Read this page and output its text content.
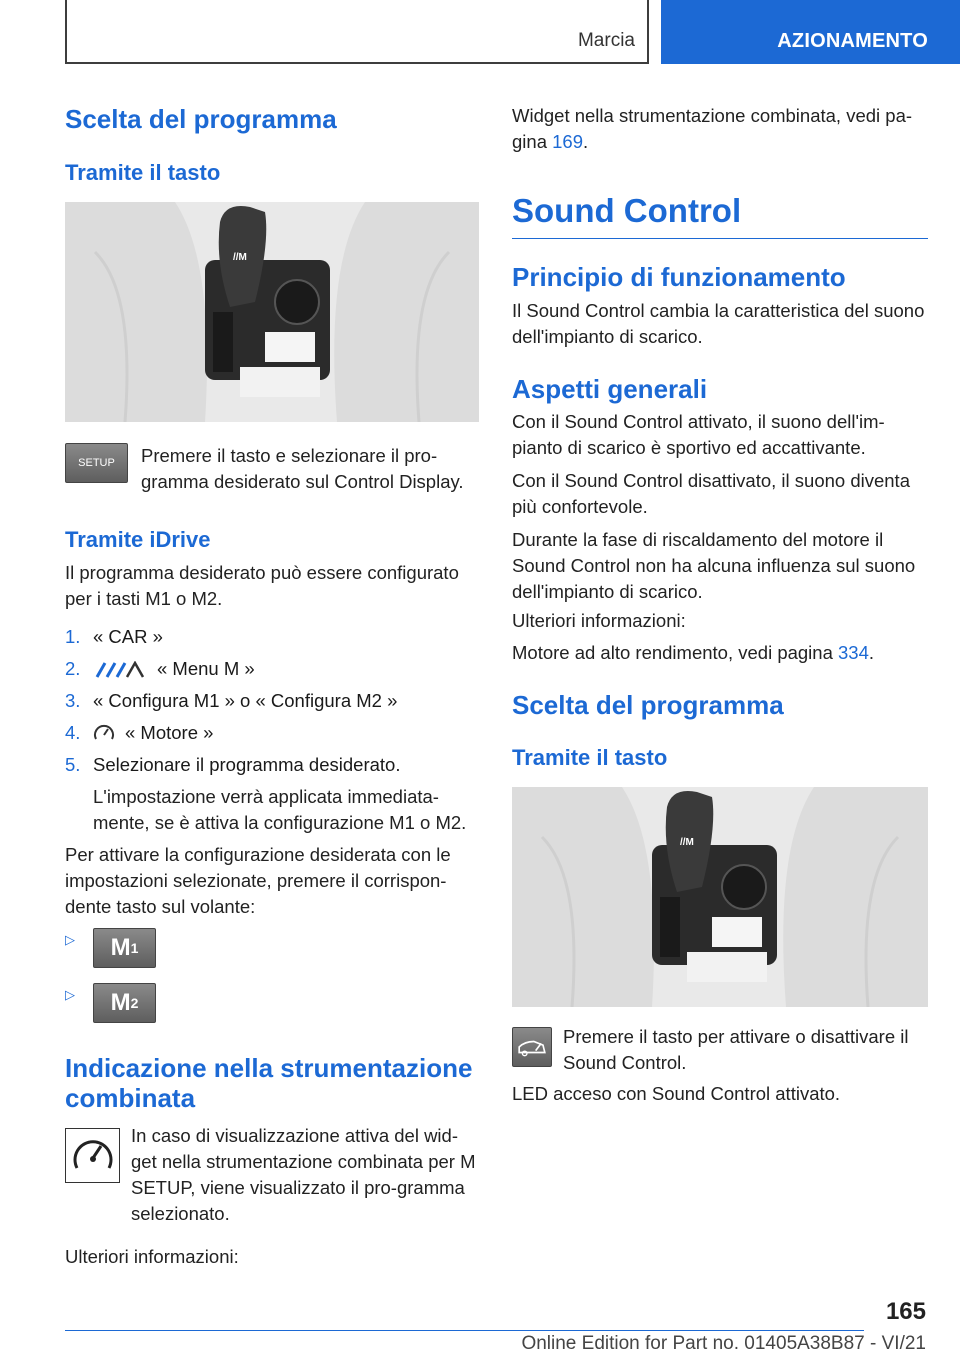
Marcia	AZIONAMENTO
Scelta del programma
Tramite il tasto
//M
SETUP	Premere il tasto e selezionare il pro-gramma desiderato sul Control Display.
Tramite iDrive
Il programma desiderato può essere configurato per i tasti M1 o M2.
1. « CAR »
2.	« Menu M »
3. « Configura M1 » o « Configura M2 »
4. « Motore »
5. Selezionare il programma desiderato.
L'impostazione verrà applicata immediata-mente, se è attiva la configurazione M1 o M2.
Per attivare la configurazione desiderata con le impostazioni selezionate, premere il corrispon-dente tasto sul volante:
▷ M 1
▷ M 2
Indicazione nella strumentazione combinata
In caso di visualizzazione attiva del wid-get nella strumentazione combinata per M SETUP, viene visualizzato il pro-gramma selezionato.
Ulteriori informazioni:
Widget nella strumentazione combinata, vedi pa-gina 169.
Sound Control
Principio di funzionamento
Il Sound Control cambia la caratteristica del suono dell'impianto di scarico.
Aspetti generali
Con il Sound Control attivato, il suono dell'im-pianto di scarico è sportivo ed accattivante.
Con il Sound Control disattivato, il suono diventa più confortevole.
Durante la fase di riscaldamento del motore il Sound Control non ha alcuna influenza sul suono dell'impianto di scarico.
Ulteriori informazioni:
Motore ad alto rendimento, vedi pagina 334.
Scelta del programma
Tramite il tasto
//M
Premere il tasto per attivare o disattivare il Sound Control.
LED acceso con Sound Control attivato.
165
Online Edition for Part no. 01405A38B87 - VI/21
